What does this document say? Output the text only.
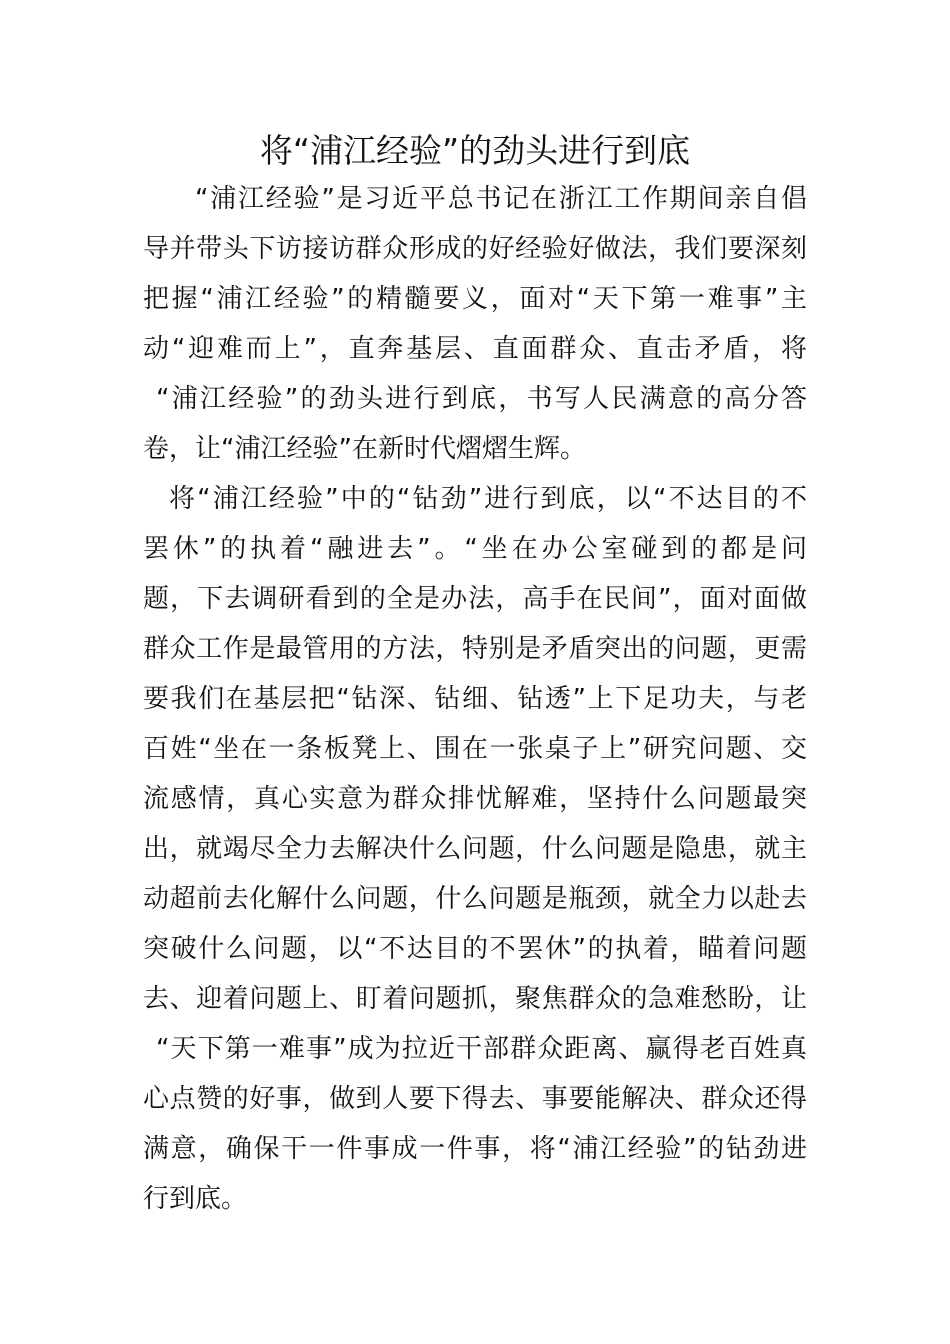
将“浦江经验”的劲头进行到底
“浦江经验”是习近平总书记在浙江工作期间亲自倡
导并带头下访接访群众形成的好经验好做法，我们要深刻
把握“浦江经验”的精髓要义，面对“天下第一难事”主
动“迎难而上”，直奔基层、直面群众、直击矛盾，将
“浦江经验”的劲头进行到底，书写人民满意的高分答
卷，让“浦江经验”在新时代熠熠生辉。
将“浦江经验”中的“钻劲”进行到底，以“不达目的不
罢休”的执着“融进去”。“坐在办公室碰到的都是问
题，下去调研看到的全是办法，高手在民间”，面对面做
群众工作是最管用的方法，特别是矛盾突出的问题，更需
要我们在基层把“钻深、钻细、钻透”上下足功夫，与老
百姓“坐在一条板凳上、围在一张桌子上”研究问题、交
流感情，真心实意为群众排忧解难，坚持什么问题最突
出，就竭尽全力去解决什么问题，什么问题是隐患，就主
动超前去化解什么问题，什么问题是瓶颈，就全力以赴去
突破什么问题，以“不达目的不罢休”的执着，瞄着问题
去、迎着问题上、盯着问题抓，聚焦群众的急难愁盼，让
“天下第一难事”成为拉近干部群众距离、赢得老百姓真
心点赞的好事，做到人要下得去、事要能解决、群众还得
满意，确保干一件事成一件事，将“浦江经验”的钻劲进
行到底。
